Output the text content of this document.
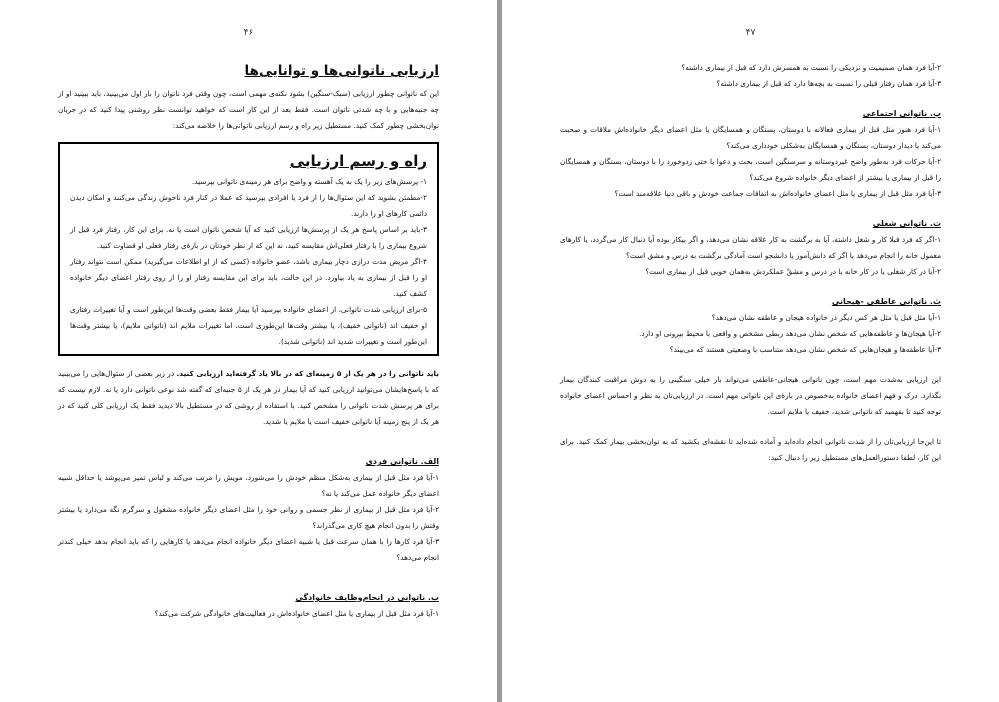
۴۶
ارزیابی ناتوانی‌ها و توانایی‌ها

این که ناتوانی چطور ارزیابی (سبک-سنگین) بشود نکته‌ی مهمی است، چون وقتی فرد ناتوان را بار اول می‌بینید، باید ببینید او از چه جنبه‌هایی و با چه شدتی ناتوان است. فقط بعد از این کار است که خواهید توانست نظر روشنی پیدا کنید که در جریان توان‌بخشی چطور کمک کنید. مستطیل زیر راه و رسم ارزیابی ناتوانی‌ها را خلاصه می‌کند:

راه و رسم ارزیابی

۱- پرسش‌های زیر را یک به یک آهسته و واضح برای هر زمینه‌ی ناتوانی بپرسید.

۲-مطمئن بشوید که این سئوال‌ها را از فرد یا افرادی بپرسید که عملا در کنار فرد ناخوش زندگی می‌کنند و امکان دیدن دائمی کارهای او را دارند.

۳-باید بر اساس پاسخ هر یک از پرسش‌ها ارزیابی کنید که آیا شخص ناتوان است یا نه. برای این کار، رفتار فرد قبل از شروع بیماری را با رفتار فعلی‌اش مقایسه کنید، نه این که از نظر خودتان در بارۀی رفتار فعلی او قضاوت کنید.

۴-اگر مریض مدت درازی دچار بیماری باشد، عضو خانواده (کسی که از او اطلاعات می‌گیرید) ممکن است نتواند رفتار او را قبل از بیماری به یاد بیاورد. در این حالت، باید برای این مقایسه رفتار او را از روی رفتار اعضای دیگر خانواده کشف کنید.

۵-برای ارزیابی شدت ناتوانی، از اعضای خانواده بپرسید آیا بیمار فقط بعضی وقت‌ها این‌طور است و آیا تغییرات رفتاری او خفیف اند (ناتوانی خفیف)، یا بیشتر وقت‌ها این‌طوری است، اما تغییرات ملایم اند (ناتوانی ملایم)، یا بیشتر وقت‌ها این‌طور است و تغییرات شدید اند (ناتوانی شدید).

باید ناتوانی را در هر یک از ۵ زمینه‌ای که در بالا یاد گرفته‌اید ارزیابی کنید. در زیر بعضی از سئوال‌هایی را می‌بینید که با پاسخ‌هایشان می‌توانید ارزیابی کنید که آیا بیمار در هر یک از ۵ جنبه‌ای که گفته شد نوعی ناتوانی دارد یا نه. لازم نیست که برای هر پرسش شدت ناتوانی را مشخص کنید. با استفاده از روشی که در مستطیل بالا دیدید فقط یک ارزیابی کلی کنید که در هر یک از پنج زمینه آیا ناتوانی خفیف است یا ملایم یا شدید.

الف. ناتوانی فردی

۱-آیا فرد مثل قبل از بیماری به‌شکل منظم خودش را می‌شورد، مویش را مرتب می‌کند و لباس تمیز می‌پوشد یا حداقل شبیه اعضای دیگر خانواده عمل می‌کند یا نه؟

۲-آیا فرد مثل قبل از بیماری از نظر جسمی و روانی خود را مثل اعضای دیگر خانواده مشغول و سرگرم نگه می‌دارد یا بیشتر وقتش را بدون انجام هیچ کاری می‌گذراند؟

۳-آیا فرد کارها را با همان سرعت قبل یا شبیه اعضای دیگر خانواده انجام می‌دهد یا کارهایی را که باید انجام بدهد خیلی کندتر انجام می‌دهد؟

ب. ناتوانی در انجام‌وظایف خانوادگی

۱-آیا فرد مثل قبل از بیماری یا مثل اعضای خانواده‌اش در فعالیت‌های خانوادگی شرکت می‌کند؟

۴۷

۲-آیا فرد همان صمیمیت و نزدیکی را نسبت به همسرش دارد که قبل از بیماری داشته؟

۳-آیا فرد همان رفتار قبلی را نسبت به بچه‌ها دارد که قبل از بیماری داشته؟

پ. ناتوانی اجتماعی

۱-آیا فرد هنوز مثل قبل از بیماری‌ فعالانه با دوستان، بستگان و همسایگان یا مثل اعضای دیگر خانواده‌اش ملاقات و صحبت می‌کند یا دیدار دوستان، بستگان و همسایگان به‌شکلی خودداری می‌کند؟

۲-آیا حرکات فرد به‌طور واضح غیردوستانه و سرسنگین است، بحث و دعوا یا حتی زدوخورد را با دوستان، بستگان و همسایگان را قبل از بیماری یا بیشتر از اعضای دیگر خانواده شروع می‌کند؟

۳-آیا فرد مثل قبل از بیماری یا مثل اعضای خانواده‌اش به اتفاقات جماعت خودش و باقی دنیا علاقه‌مند است؟

ت. ناتوانی شغلی

۱-اگر که فرد قبلا کار و شغل داشته، آیا به برگشت به کار علاقه نشان می‌دهد، و اگر بیکار بوده آیا دنبال کار می‌گردد، یا کارهای معمول خانه را انجام می‌دهد یا اگر که دانش‌آموز یا دانشجو است آمادگی برگشت به درس و مشق است؟

۲-آیا در کار شغلی یا در کار خانه یا در درس و مشقْ عملکردش به‌همان خوبی قبل از بیماری است؟

ث. ناتوانی عاطفی -هیجانی

۱-آیا مثل قبل یا مثل هر کس دیگر در خانواده هیجان و عاطفه نشان می‌دهد؟

۲-آیا هیجان‌ها و عاطفه‌هایی که شخص نشان می‌دهد ربطی مشخص و واقعی با محیط بیرونی او دارد.

۳-آیا عاطفه‌ها و هیجان‌هایی که شخص نشان می‌دهد متناسب با وضعیتی هستند که می‌بیند؟

این ارزیابی به‌شدت مهم است، چون ناتوانی هیجانی-عاطفی می‌تواند بار خیلی سنگینی را به دوش مراقبت کنندگان بیمار بگذارد. درک و فهم اعضای خانواده به‌خصوص در بارۀی این ناتوانی مهم است. در ارزیابی‌تان به نظر و احساس اعضای خانواده توجه کنید تا بفهمید که ناتوانی شدید، خفیف یا ملایم است.

تا این‌جا ارزیابی‌تان را از شدت ناتوانی انجام داده‌اید و آماده شده‌اید تا نقشه‌ای بکشید که به توان‌بخشی بیمار کمک کنید. برای این کار، لطفا دستورالعمل‌های مستطیل زیر را دنبال کنید:
